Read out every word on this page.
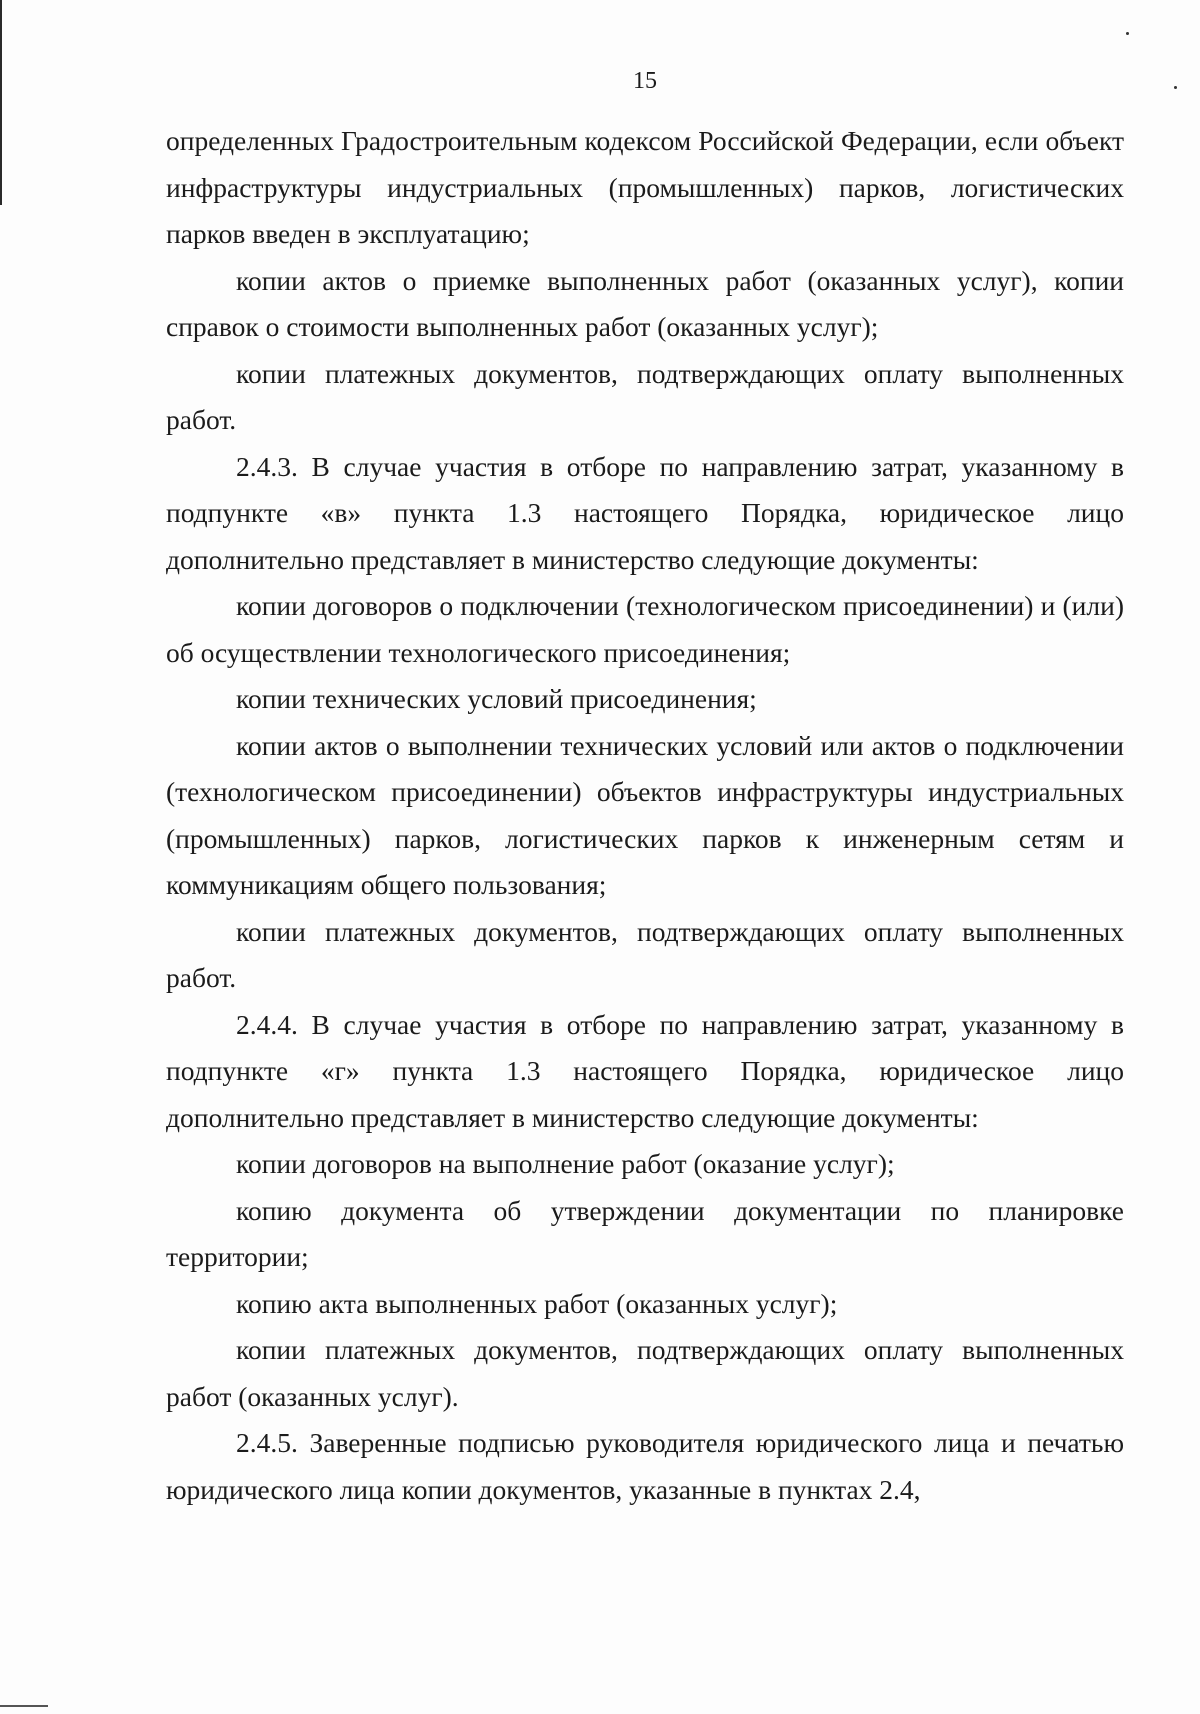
15

определенных Градостроительным кодексом Российской Федерации, если объект инфраструктуры индустриальных (промышленных) парков, логистических парков введен в эксплуатацию;

копии актов о приемке выполненных работ (оказанных услуг), копии справок о стоимости выполненных работ (оказанных услуг);

копии платежных документов, подтверждающих оплату выполненных работ.

2.4.3. В случае участия в отборе по направлению затрат, указанному в подпункте «в» пункта 1.3 настоящего Порядка, юридическое лицо дополнительно представляет в министерство следующие документы:

копии договоров о подключении (технологическом присоединении) и (или) об осуществлении технологического присоединения;

копии технических условий присоединения;

копии актов о выполнении технических условий или актов о подключении (технологическом присоединении) объектов инфраструктуры индустриальных (промышленных) парков, логистических парков к инженерным сетям и коммуникациям общего пользования;

копии платежных документов, подтверждающих оплату выполненных работ.

2.4.4. В случае участия в отборе по направлению затрат, указанному в подпункте «г» пункта 1.3 настоящего Порядка, юридическое лицо дополнительно представляет в министерство следующие документы:

копии договоров на выполнение работ (оказание услуг);

копию документа об утверждении документации по планировке территории;

копию акта выполненных работ (оказанных услуг);

копии платежных документов, подтверждающих оплату выполненных работ (оказанных услуг).

2.4.5. Заверенные подписью руководителя юридического лица и печатью юридического лица копии документов, указанные в пунктах 2.4,
